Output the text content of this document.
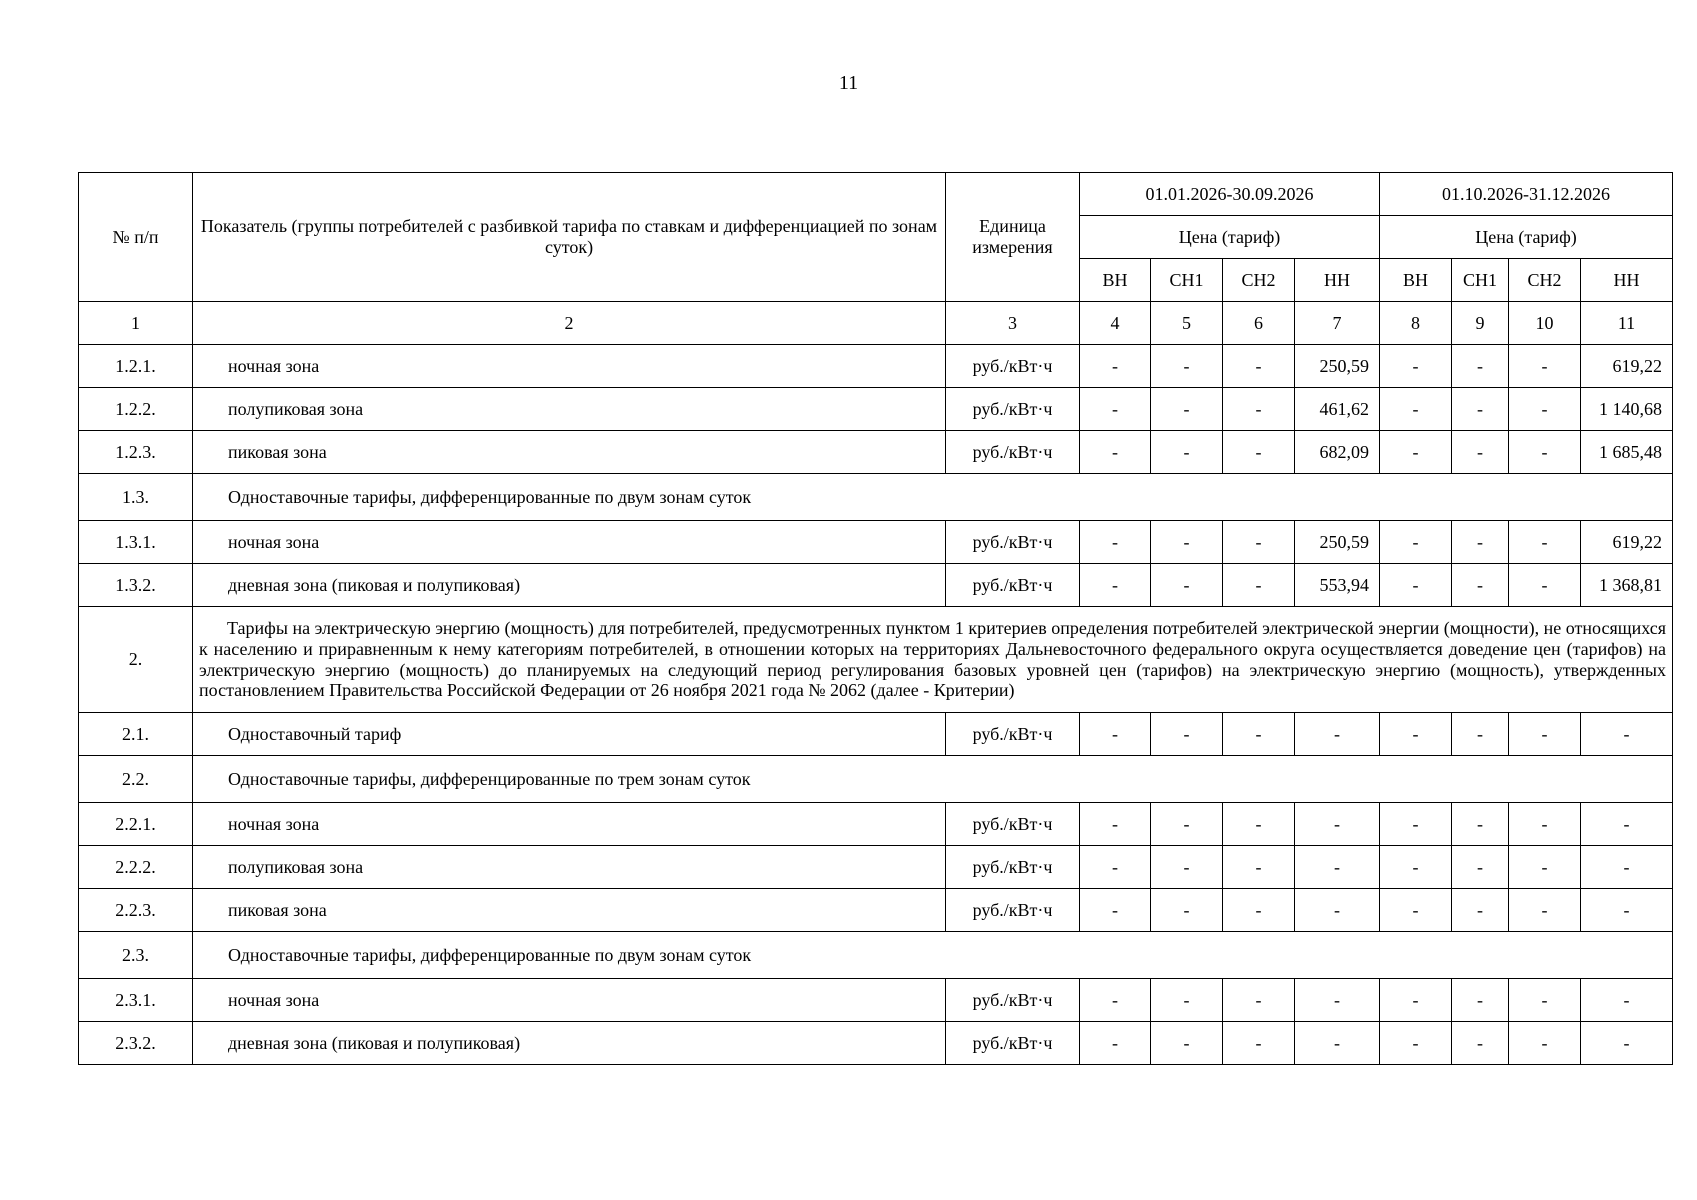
11
№ п/п	Показатель (группы потребителей с разбивкой тарифа по ставкам и дифференциацией по зонам суток)	Единица измерения	01.01.2026-30.09.2026				01.10.2026-31.12.2026			
			Цена (тариф)				Цена (тариф)			
			ВН	СН1	СН2	НН	ВН	СН1	СН2	НН
1	2	3	4	5	6	7	8	9	10	11
1.2.1.	ночная зона	руб./кВт·ч	-	-	-	250,59	-	-	-	619,22
1.2.2.	полупиковая зона	руб./кВт·ч	-	-	-	461,62	-	-	-	1 140,68
1.2.3.	пиковая зона	руб./кВт·ч	-	-	-	682,09	-	-	-	1 685,48
1.3.	Одноставочные тарифы, дифференцированные по двум зонам суток									
1.3.1.	ночная зона	руб./кВт·ч	-	-	-	250,59	-	-	-	619,22
1.3.2.	дневная зона (пиковая и полупиковая)	руб./кВт·ч	-	-	-	553,94	-	-	-	1 368,81
2.	Тарифы на электрическую энергию (мощность) для потребителей, предусмотренных пунктом 1 критериев определения потребителей электрической энергии (мощности), не относящихся к населению и приравненным к нему категориям потребителей, в отношении которых на территориях Дальневосточного федерального округа осуществляется доведение цен (тарифов) на электрическую энергию (мощность) до планируемых на следующий период регулирования базовых уровней цен (тарифов) на электрическую энергию (мощность), утвержденных постановлением Правительства Российской Федерации от 26 ноября 2021 года № 2062 (далее - Критерии)									
2.1.	Одноставочный тариф	руб./кВт·ч	-	-	-	-	-	-	-	-
2.2.	Одноставочные тарифы, дифференцированные по трем зонам суток									
2.2.1.	ночная зона	руб./кВт·ч	-	-	-	-	-	-	-	-
2.2.2.	полупиковая зона	руб./кВт·ч	-	-	-	-	-	-	-	-
2.2.3.	пиковая зона	руб./кВт·ч	-	-	-	-	-	-	-	-
2.3.	Одноставочные тарифы, дифференцированные по двум зонам суток									
2.3.1.	ночная зона	руб./кВт·ч	-	-	-	-	-	-	-	-
2.3.2.	дневная зона (пиковая и полупиковая)	руб./кВт·ч	-	-	-	-	-	-	-	-
